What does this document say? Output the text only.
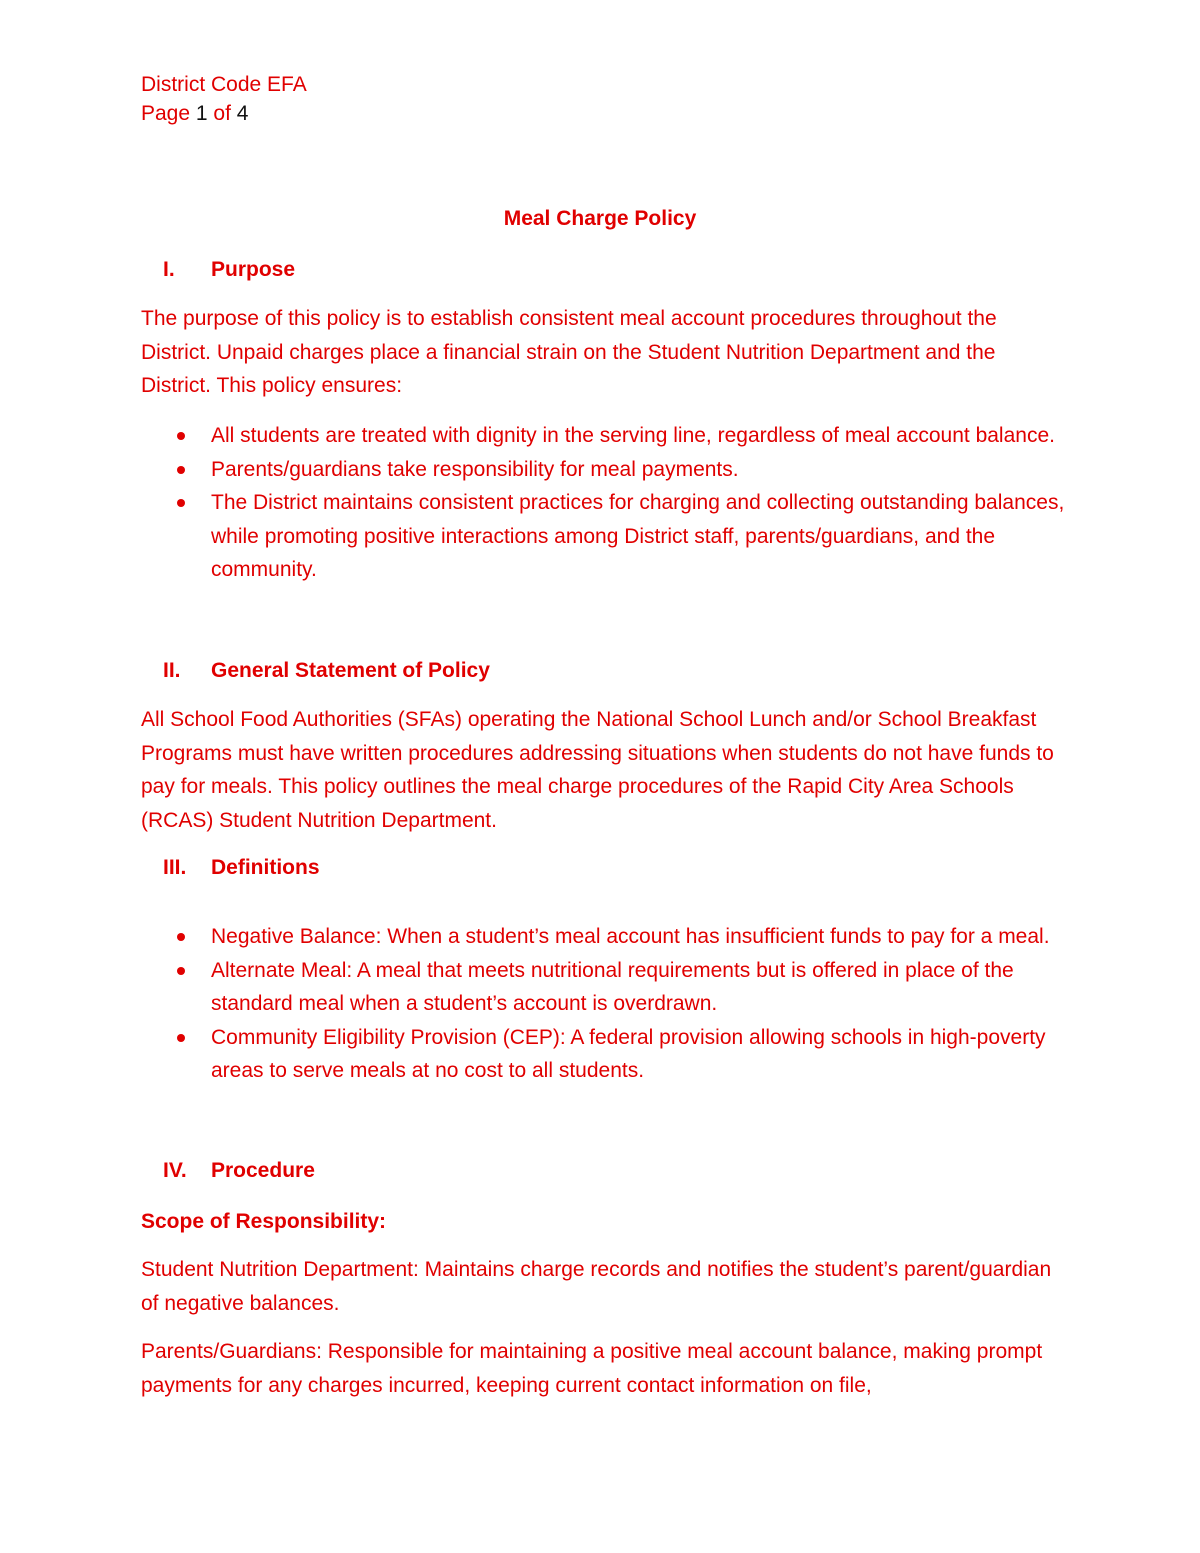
District Code EFA
Page 1 of 4
Meal Charge Policy
I. Purpose
The purpose of this policy is to establish consistent meal account procedures throughout the District. Unpaid charges place a financial strain on the Student Nutrition Department and the District. This policy ensures:
All students are treated with dignity in the serving line, regardless of meal account balance.
Parents/guardians take responsibility for meal payments.
The District maintains consistent practices for charging and collecting outstanding balances, while promoting positive interactions among District staff, parents/guardians, and the community.
II. General Statement of Policy
All School Food Authorities (SFAs) operating the National School Lunch and/or School Breakfast Programs must have written procedures addressing situations when students do not have funds to pay for meals. This policy outlines the meal charge procedures of the Rapid City Area Schools (RCAS) Student Nutrition Department.
III. Definitions
Negative Balance: When a student’s meal account has insufficient funds to pay for a meal.
Alternate Meal: A meal that meets nutritional requirements but is offered in place of the standard meal when a student’s account is overdrawn.
Community Eligibility Provision (CEP): A federal provision allowing schools in high-poverty areas to serve meals at no cost to all students.
IV. Procedure
Scope of Responsibility:
Student Nutrition Department: Maintains charge records and notifies the student’s parent/guardian of negative balances.
Parents/Guardians: Responsible for maintaining a positive meal account balance, making prompt payments for any charges incurred, keeping current contact information on file,
